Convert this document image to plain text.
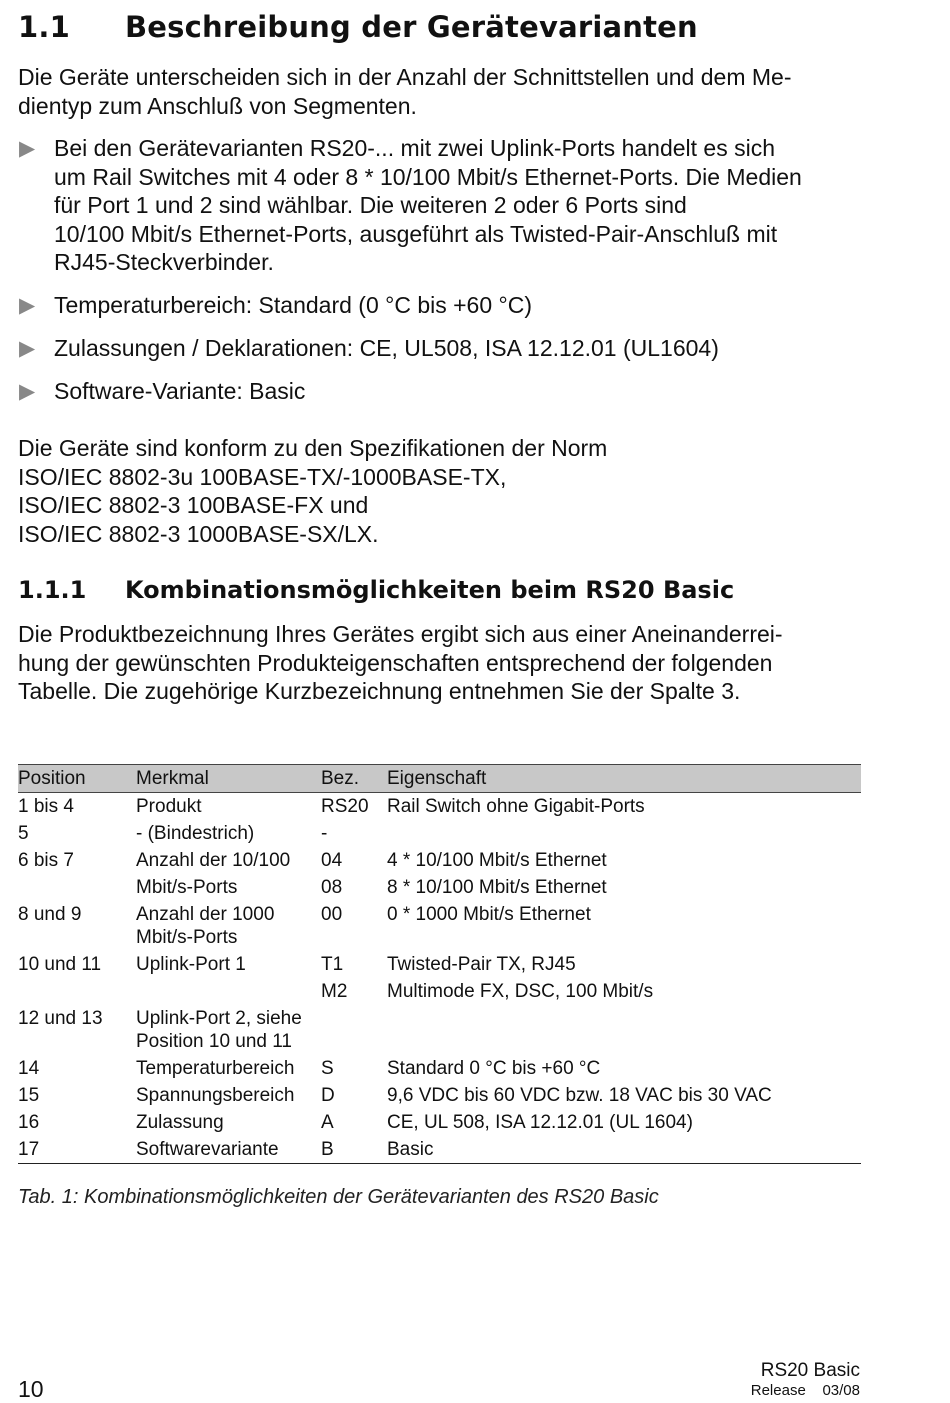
1.1 Beschreibung der Gerätevarianten

Die Geräte unterscheiden sich in der Anzahl der Schnittstellen und dem Me-
dientyp zum Anschluß von Segmenten.

▶ Bei den Gerätevarianten RS20-... mit zwei Uplink-Ports handelt es sich
um Rail Switches mit 4 oder 8 * 10/100 Mbit/s Ethernet-Ports. Die Medien
für Port 1 und 2 sind wählbar. Die weiteren 2 oder 6 Ports sind
10/100 Mbit/s Ethernet-Ports, ausgeführt als Twisted-Pair-Anschluß mit
RJ45-Steckverbinder.
▶ Temperaturbereich: Standard (0 °C bis +60 °C)
▶ Zulassungen / Deklarationen: CE, UL508, ISA 12.12.01 (UL1604)
▶ Software-Variante: Basic

Die Geräte sind konform zu den Spezifikationen der Norm
ISO/IEC 8802-3u 100BASE-TX/-1000BASE-TX,
ISO/IEC 8802-3 100BASE-FX und
ISO/IEC 8802-3 1000BASE-SX/LX.

1.1.1 Kombinationsmöglichkeiten beim RS20 Basic

Die Produktbezeichnung Ihres Gerätes ergibt sich aus einer Aneinanderrei-
hung der gewünschten Produkteigenschaften entsprechend der folgenden
Tabelle. Die zugehörige Kurzbezeichnung entnehmen Sie der Spalte 3.

Position	Merkmal	Bez.	Eigenschaft
1 bis 4	Produkt	RS20	Rail Switch ohne Gigabit-Ports
5	- (Bindestrich)	-	
6 bis 7	Anzahl der 10/100	04	4 * 10/100 Mbit/s Ethernet
	Mbit/s-Ports	08	8 * 10/100 Mbit/s Ethernet
8 und 9	Anzahl der 1000
Mbit/s-Ports	00	0 * 1000 Mbit/s Ethernet
10 und 11	Uplink-Port 1	T1	Twisted-Pair TX, RJ45
		M2	Multimode FX, DSC, 100 Mbit/s
12 und 13	Uplink-Port 2, siehe
Position 10 und 11		
14	Temperaturbereich	S	Standard 0 °C bis +60 °C
15	Spannungsbereich	D	9,6 VDC bis 60 VDC bzw. 18 VAC bis 30 VAC
16	Zulassung	A	CE, UL 508, ISA 12.12.01 (UL 1604)
17	Softwarevariante	B	Basic
Tab. 1: Kombinationsmöglichkeiten der Gerätevarianten des RS20 Basic
10
RS20 Basic
Release    03/08
